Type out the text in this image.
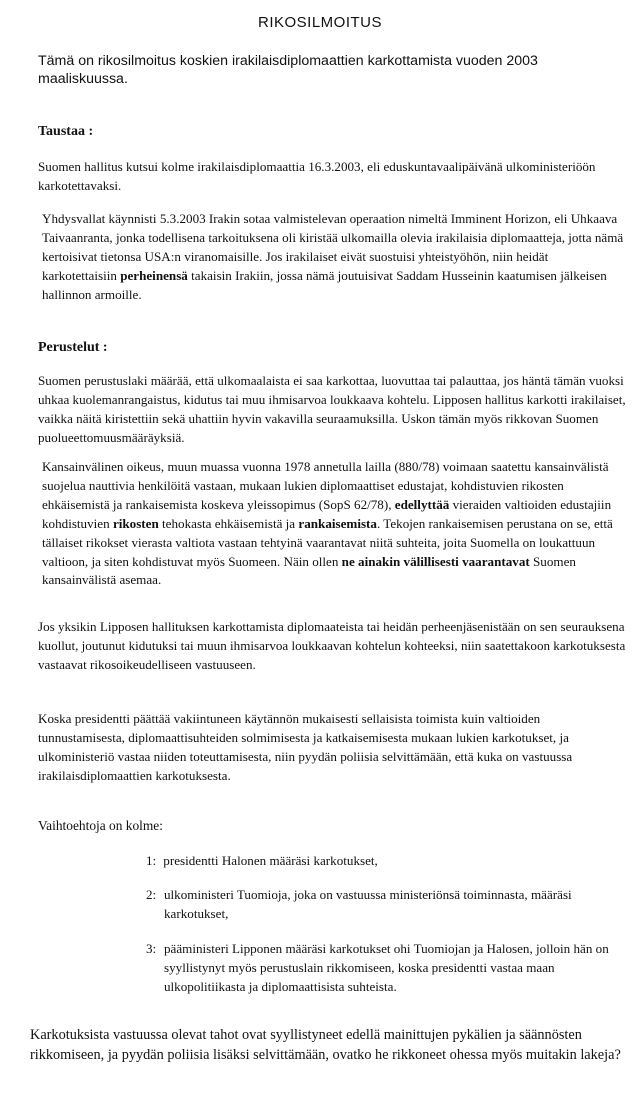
RIKOSILMOITUS
Tämä on rikosilmoitus koskien irakilaisdiplomaattien karkottamista vuoden 2003 maaliskuussa.
Taustaa :
Suomen hallitus kutsui kolme irakilaisdiplomaattia 16.3.2003, eli eduskuntavaalipäivänä ulkoministeriöön karkotettavaksi.
Yhdysvallat käynnisti 5.3.2003 Irakin sotaa valmistelevan operaation nimeltä Imminent Horizon, eli Uhkaava Taivaanranta, jonka todellisena tarkoituksena oli kiristää ulkomailla olevia irakilaisia diplomaatteja, jotta nämä kertoisivat tietonsa USA:n viranomaisille. Jos irakilaiset eivät suostuisi yhteistyöhön, niin heidät karkotettaisiin perheinensä takaisin Irakiin, jossa nämä joutuisivat Saddam Husseinin kaatumisen jälkeisen hallinnon armoille.
Perustelut :
Suomen perustuslaki määrää, että ulkomaalaista ei saa karkottaa, luovuttaa tai palauttaa, jos häntä tämän vuoksi uhkaa kuolemanrangaistus, kidutus tai muu ihmisarvoa loukkaava kohtelu. Lipposen hallitus karkotti irakilaiset, vaikka näitä kiristettiin sekä uhattiin hyvin vakavilla seuraamuksilla. Uskon tämän myös rikkovan Suomen puolueettomuusmääräyksiä.
Kansainvälinen oikeus, muun muassa vuonna 1978 annetulla lailla (880/78) voimaan saatettu kansainvälistä suojelua nauttivia henkilöitä vastaan, mukaan lukien diplomaattiset edustajat, kohdistuvien rikosten ehkäisemistä ja rankaisemista koskeva yleissopimus (SopS 62/78), edellyttää vieraiden valtioiden edustajiin kohdistuvien rikosten tehokasta ehkäisemistä ja rankaisemista. Tekojen rankaisemisen perustana on se, että tällaiset rikokset vierasta valtiota vastaan tehtyinä vaarantavat niitä suhteita, joita Suomella on loukattuun valtioon, ja siten kohdistuvat myös Suomeen. Näin ollen ne ainakin välillisesti vaarantavat Suomen kansainvälistä asemaa.
Jos yksikin Lipposen hallituksen karkottamista diplomaateista tai heidän perheenjäsenistään on sen seurauksena kuollut, joutunut kidutuksi tai muun ihmisarvoa loukkaavan kohtelun kohteeksi, niin saatettakoon karkotuksesta vastaavat rikosoikeudelliseen vastuuseen.
Koska presidentti päättää vakiintuneen käytännön mukaisesti sellaisista toimista kuin valtioiden tunnustamisesta, diplomaattisuhteiden solmimisesta ja katkaisemisesta mukaan lukien karkotukset, ja ulkoministeriö vastaa niiden toteuttamisesta, niin pyydän poliisia selvittämään, että kuka on vastuussa irakilaisdiplomaattien karkotuksesta.
Vaihtoehtoja on kolme:
1: presidentti Halonen määräsi karkotukset,
2: ulkoministeri Tuomioja, joka on vastuussa ministeriönsä toiminnasta, määräsi karkotukset,
3: pääministeri Lipponen määräsi karkotukset ohi Tuomiojan ja Halosen, jolloin hän on syyllistynyt myös perustuslain rikkomiseen, koska presidentti vastaa maan ulkopolitiikasta ja diplomaattisista suhteista.
Karkotuksista vastuussa olevat tahot ovat syyllistyneet edellä mainittujen pykälien ja säännösten rikkomiseen, ja pyydän poliisia lisäksi selvittämään, ovatko he rikkoneet ohessa myös muitakin lakeja?
